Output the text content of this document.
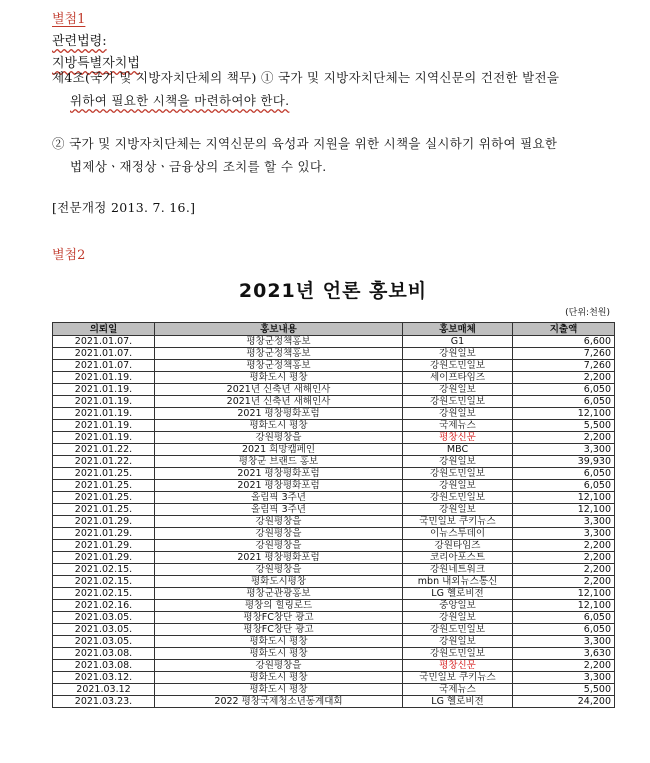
별첨1
관련법령:
지방특별자치법
제4조(국가 및 지방자치단체의 책무) ① 국가 및 지방자치단체는 지역신문의 건전한 발전을
위하여 필요한 시책을 마련하여야 한다.
② 국가 및 지방자치단체는 지역신문의 육성과 지원을 위한 시책을 실시하기 위하여 필요한
법제상ㆍ재정상ㆍ금융상의 조치를 할 수 있다.
[전문개정 2013. 7. 16.]
별첨2
2021년 언론 홍보비
(단위:천원)
의뢰일	홍보내용	홍보매체	지출액
2021.01.07.	평창군정책홍보	G1	6,600
2021.01.07.	평창군정책홍보	강원일보	7,260
2021.01.07.	평창군정책홍보	강원도민일보	7,260
2021.01.19.	평화도시 평창	세이프타임즈	2,200
2021.01.19.	2021년 신축년 새해인사	강원일보	6,050
2021.01.19.	2021년 신축년 새해인사	강원도민일보	6,050
2021.01.19.	2021 평창평화포럼	강원일보	12,100
2021.01.19.	평화도시 평창	국제뉴스	5,500
2021.01.19.	강원평창을	평창신문	2,200
2021.01.22.	2021 희망캠페인	MBC	3,300
2021.01.22.	평창군 브랜드 홍보	강원일보	39,930
2021.01.25.	2021 평창평화포럼	강원도민일보	6,050
2021.01.25.	2021 평창평화포럼	강원일보	6,050
2021.01.25.	올림픽 3주년	강원도민일보	12,100
2021.01.25.	올림픽 3주년	강원일보	12,100
2021.01.29.	강원평창을	국민일보 쿠키뉴스	3,300
2021.01.29.	강원평창을	이뉴스투데이	3,300
2021.01.29.	강원평창을	강원타임즈	2,200
2021.01.29.	2021 평창평화포럼	코리아포스트	2,200
2021.02.15.	강원평창을	강원네트워크	2,200
2021.02.15.	평화도시평창	mbn 내외뉴스통신	2,200
2021.02.15.	평창군관광홍보	LG 헬로비전	12,100
2021.02.16.	평창의 힐링로드	중앙일보	12,100
2021.03.05.	평창FC창단 광고	강원일보	6,050
2021.03.05.	평창FC창단 광고	강원도민일보	6,050
2021.03.05.	평화도시 평창	강원일보	3,300
2021.03.08.	평화도시 평창	강원도민일보	3,630
2021.03.08.	강원평창을	평창신문	2,200
2021.03.12.	평화도시 평창	국민일보 쿠키뉴스	3,300
2021.03.12	평화도시 평창	국제뉴스	5,500
2021.03.23.	2022 평창국제청소년동계대회	LG 헬로비전	24,200
